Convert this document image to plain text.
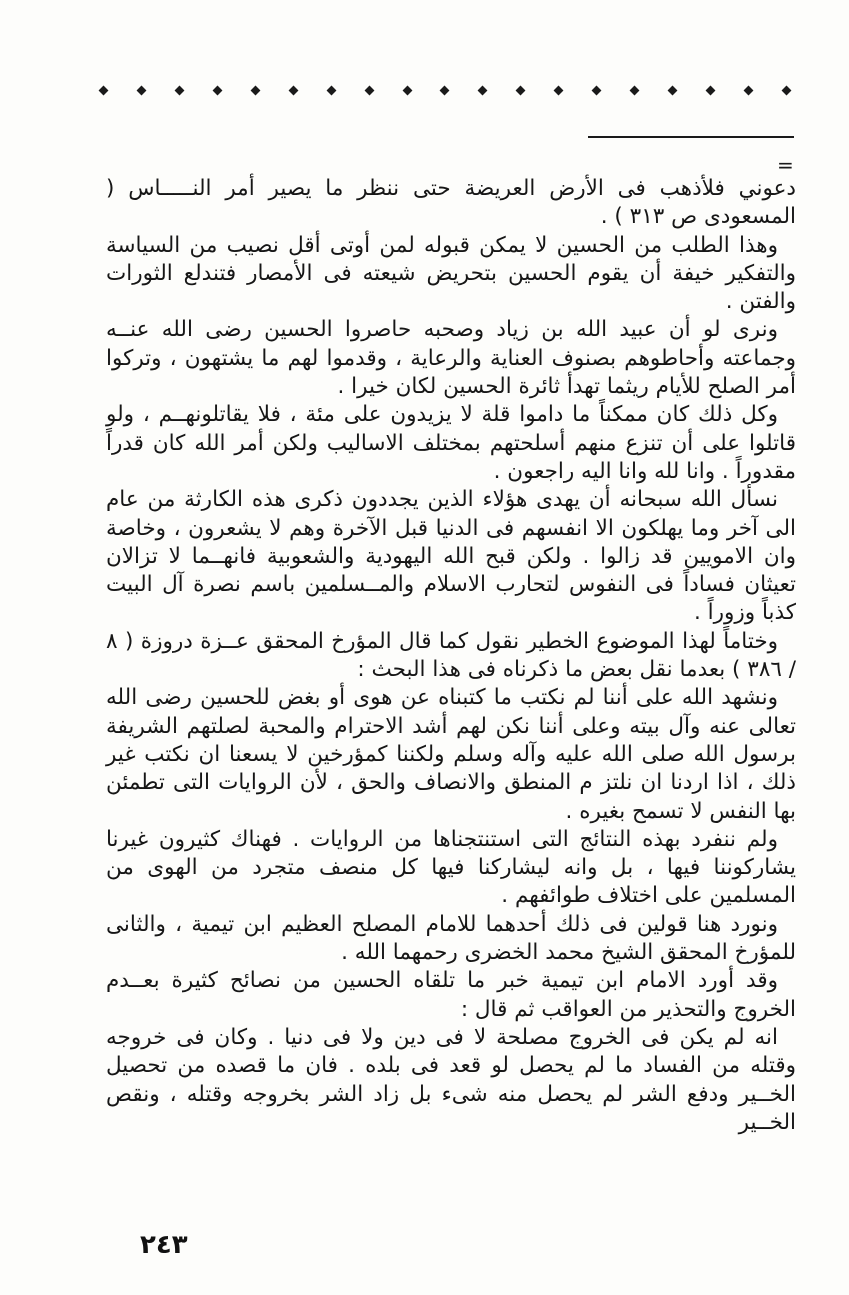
=

دعوني فلأذهب فى الأرض العريضة حتى ننظر ما يصير أمر النـــــاس ( المسعودى ص ٣١٣ ) .

وهذا الطلب من الحسين لا يمكن قبوله لمن أوتى أقل نصيب من السياسة والتفكير خيفة أن يقوم الحسين بتحريض شيعته فى الأمصار فتندلع الثورات والفتن .

ونرى لو أن عبيد الله بن زياد وصحبه حاصروا الحسين رضى الله عنــه وجماعته وأحاطوهم بصنوف العناية والرعاية ، وقدموا لهم ما يشتهون ، وتركوا أمر الصلح للأيام ريثما تهدأ ثائرة الحسين لكان خيرا .

وكل ذلك كان ممكناً ما داموا قلة لا يزيدون على مئة ، فلا يقاتلونهــم ، ولو قاتلوا على أن تنزع منهم أسلحتهم بمختلف الاساليب ولكن أمر الله كان قدراً مقدوراً . وانا لله وانا اليه راجعون .

نسأل الله سبحانه أن يهدى هؤلاء الذين يجددون ذكرى هذه الكارثة من عام الى آخر وما يهلكون الا انفسهم فى الدنيا قبل الآخرة وهم لا يشعرون ، وخاصة وان الامويين قد زالوا . ولكن قبح الله اليهودية والشعوبية فانهــما لا تزالان تعيثان فساداً فى النفوس لتحارب الاسلام والمــسلمين باسم نصرة آل البيت كذباً وزوراً .

وختاماً لهذا الموضوع الخطير نقول كما قال المؤرخ المحقق عــزة دروزة ( ٨ / ٣٨٦ ) بعدما نقل بعض ما ذكرناه فى هذا البحث :

ونشهد الله على أننا لم نكتب ما كتبناه عن هوى أو بغض للحسين رضى الله تعالى عنه وآل بيته وعلى أننا نكن لهم أشد الاحترام والمحبة لصلتهم الشريفة برسول الله صلى الله عليه وآله وسلم ولكننا كمؤرخين لا يسعنا ان نكتب غير ذلك ، اذا اردنا ان نلتز م المنطق والانصاف والحق ، لأن الروايات التى تطمئن بها النفس لا تسمح بغيره .

ولم ننفرد بهذه النتائج التى استنتجناها من الروايات . فهناك كثيرون غيرنا يشاركوننا فيها ، بل وانه ليشاركنا فيها كل منصف متجرد من الهوى من المسلمين على اختلاف طوائفهم .

ونورد هنا قولين فى ذلك أحدهما للامام المصلح العظيم ابن تيمية ، والثانى للمؤرخ المحقق الشيخ محمد الخضرى رحمهما الله .

وقد أورد الامام ابن تيمية خبر ما تلقاه الحسين من نصائح كثيرة بعــدم الخروج والتحذير من العواقب ثم قال :

انه لم يكن فى الخروج مصلحة لا فى دين ولا فى دنيا . وكان فى خروجه وقتله من الفساد ما لم يحصل لو قعد فى بلده . فان ما قصده من تحصيل الخــير ودفع الشر لم يحصل منه شىء بل زاد الشر بخروجه وقتله ، ونقص الخــير

٢٤٣
